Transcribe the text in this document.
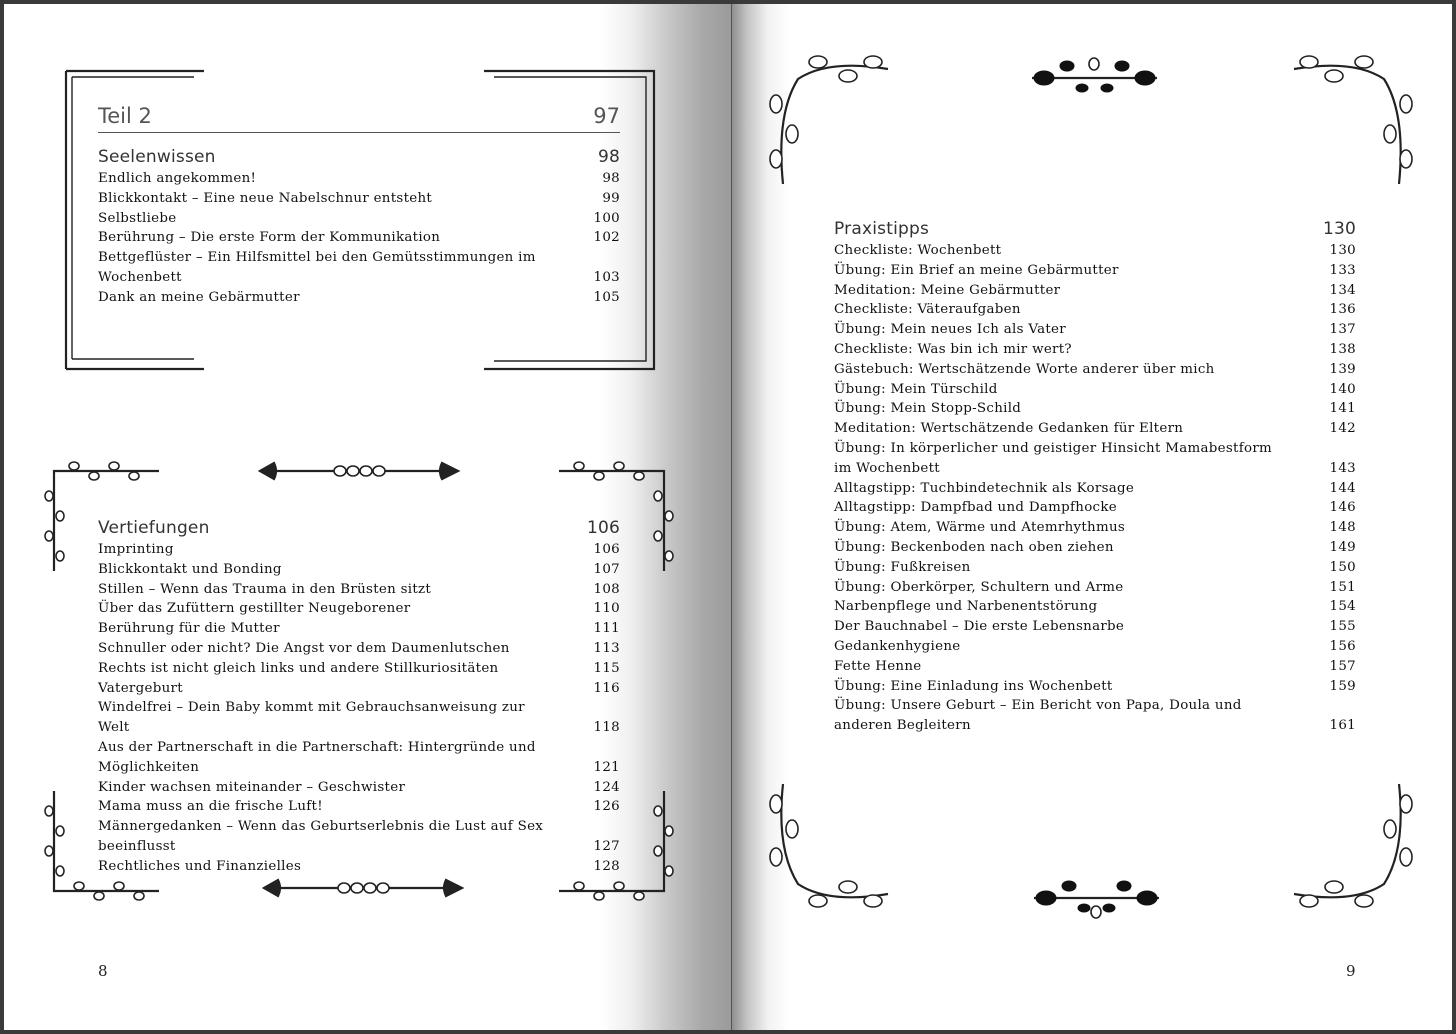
Teil 2	97
Seelenwissen	98
Endlich angekommen!	98
Blickkontakt – Eine neue Nabelschnur entsteht	99
Selbstliebe	100
Berührung – Die erste Form der Kommunikation	102
Bettgeflüster – Ein Hilfsmittel bei den Gemütsstimmungen im Wochenbett	103
Dank an meine Gebärmutter	105
Vertiefungen	106
Imprinting	106
Blickkontakt und Bonding	107
Stillen – Wenn das Trauma in den Brüsten sitzt	108
Über das Zufüttern gestillter Neugeborener	110
Berührung für die Mutter	111
Schnuller oder nicht? Die Angst vor dem Daumenlutschen	113
Rechts ist nicht gleich links und andere Stillkuriositäten	115
Vatergeburt	116
Windelfrei – Dein Baby kommt mit Gebrauchsanweisung zur Welt	118
Aus der Partnerschaft in die Partnerschaft: Hintergründe und Möglichkeiten	121
Kinder wachsen miteinander – Geschwister	124
Mama muss an die frische Luft!	126
Männergedanken – Wenn das Geburtserlebnis die Lust auf Sex beeinflusst	127
Rechtliches und Finanzielles	128
8
Praxistipps	130
Checkliste: Wochenbett	130
Übung: Ein Brief an meine Gebärmutter	133
Meditation: Meine Gebärmutter	134
Checkliste: Väteraufgaben	136
Übung: Mein neues Ich als Vater	137
Checkliste: Was bin ich mir wert?	138
Gästebuch: Wertschätzende Worte anderer über mich	139
Übung: Mein Türschild	140
Übung: Mein Stopp-Schild	141
Meditation: Wertschätzende Gedanken für Eltern	142
Übung: In körperlicher und geistiger Hinsicht Mamabestform im Wochenbett	143
Alltagstipp: Tuchbindetechnik als Korsage	144
Alltagstipp: Dampfbad und Dampfhocke	146
Übung: Atem, Wärme und Atemrhythmus	148
Übung: Beckenboden nach oben ziehen	149
Übung: Fußkreisen	150
Übung: Oberkörper, Schultern und Arme	151
Narbenpflege und Narbenentstörung	154
Der Bauchnabel – Die erste Lebensnarbe	155
Gedankenhygiene	156
Fette Henne	157
Übung: Eine Einladung ins Wochenbett	159
Übung: Unsere Geburt – Ein Bericht von Papa, Doula und anderen Begleitern	161
9
